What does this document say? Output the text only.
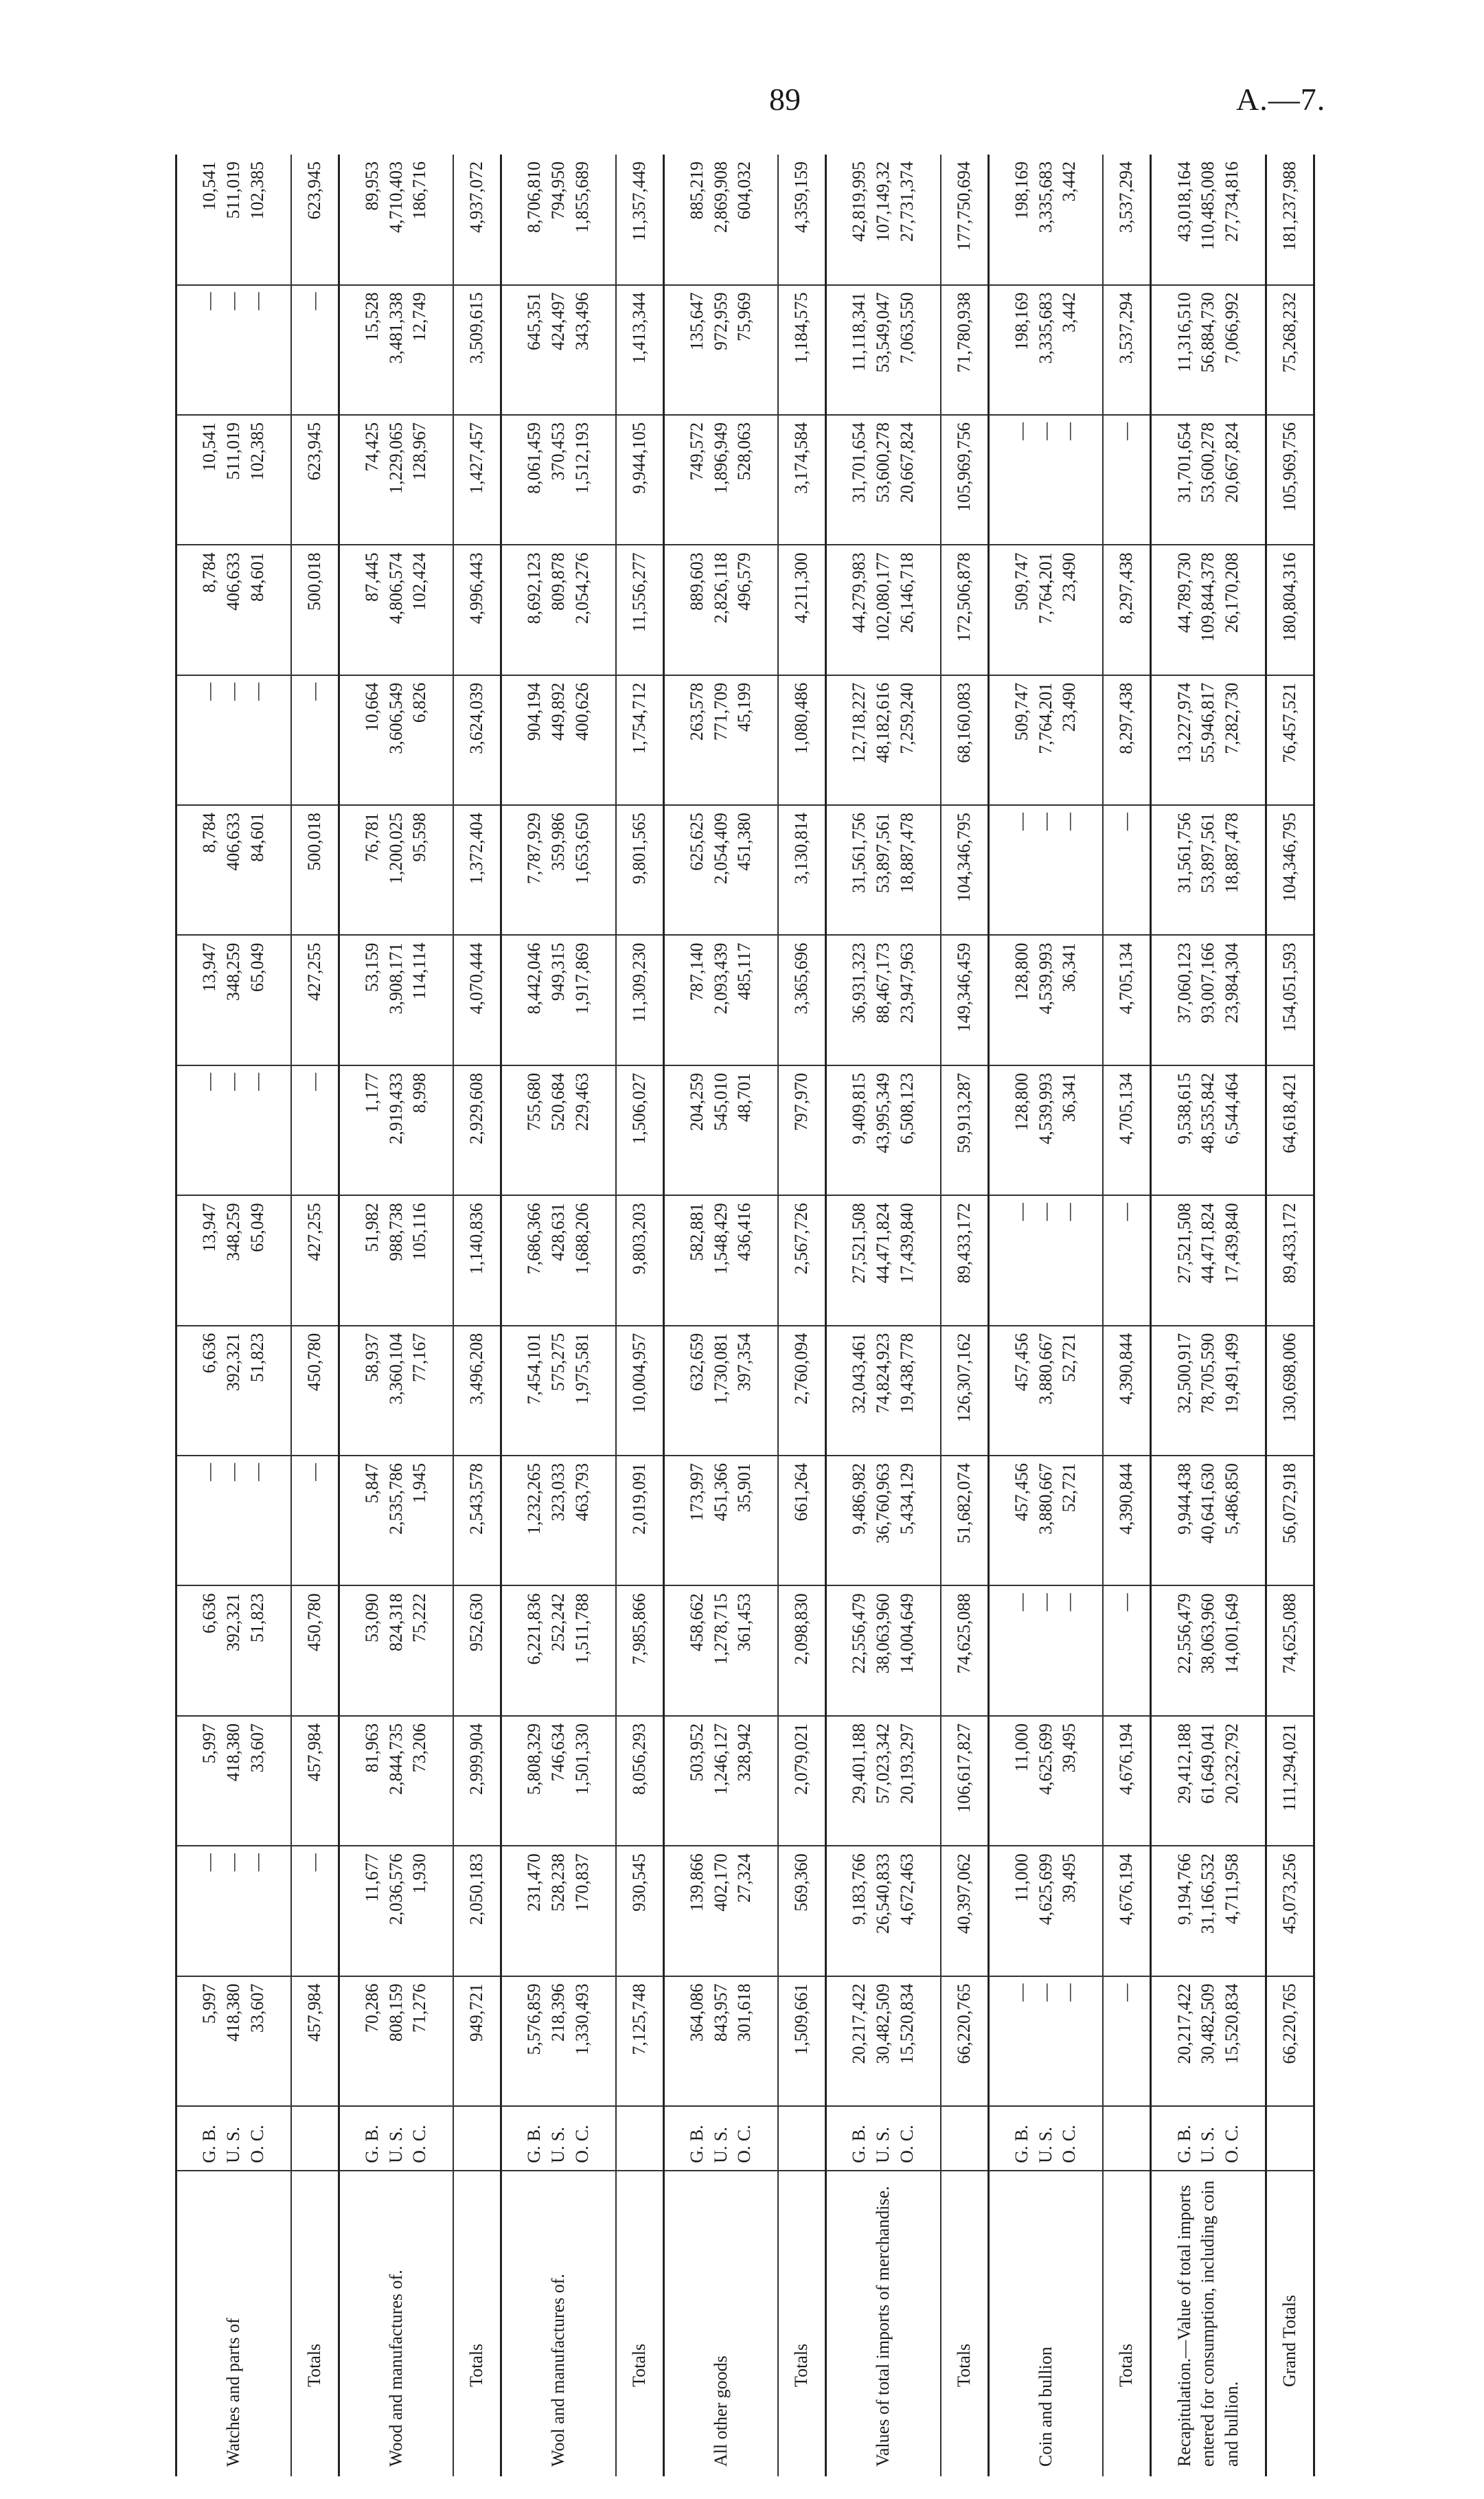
89	A.—7.
Watches and parts of	G. B. U. S. O. C.	5,997 418,380 33,607	— — —	5,997 418,380 33,607	6,636 392,321 51,823	— — —	6,636 392,321 51,823	13,947 348,259 65,049	— — —	13,947 348,259 65,049	8,784 406,633 84,601	— — —	8,784 406,633 84,601	10,541 511,019 102,385	— — —	10,541 511,019 102,385

Totals		457,984	—	457,984	450,780	—	450,780	427,255	—	427,255	500,018	—	500,018	623,945	—	623,945
Wood and manufactures of.	G. B. U. S. O. C.	70,286 808,159 71,276	11,677 2,036,576 1,930	81,963 2,844,735 73,206	53,090 824,318 75,222	5,847 2,535,786 1,945	58,937 3,360,104 77,167	51,982 988,738 105,116	1,177 2,919,433 8,998	53,159 3,908,171 114,114	76,781 1,200,025 95,598	10,664 3,606,549 6,826	87,445 4,806,574 102,424	74,425 1,229,065 128,967	15,528 3,481,338 12,749	89,953 4,710,403 186,716

Totals		949,721	2,050,183	2,999,904	952,630	2,543,578	3,496,208	1,140,836	2,929,608	4,070,444	1,372,404	3,624,039	4,996,443	1,427,457	3,509,615	4,937,072
Wool and manufactures of.	G. B. U. S. O. C.	5,576,859 218,396 1,330,493	231,470 528,238 170,837	5,808,329 746,634 1,501,330	6,221,836 252,242 1,511,788	1,232,265 323,033 463,793	7,454,101 575,275 1,975,581	7,686,366 428,631 1,688,206	755,680 520,684 229,463	8,442,046 949,315 1,917,869	7,787,929 359,986 1,653,650	904,194 449,892 400,626	8,692,123 809,878 2,054,276	8,061,459 370,453 1,512,193	645,351 424,497 343,496	8,706,810 794,950 1,855,689

Totals		7,125,748	930,545	8,056,293	7,985,866	2,019,091	10,004,957	9,803,203	1,506,027	11,309,230	9,801,565	1,754,712	11,556,277	9,944,105	1,413,344	11,357,449
All other goods	G. B. U. S. O. C.	364,086 843,957 301,618	139,866 402,170 27,324	503,952 1,246,127 328,942	458,662 1,278,715 361,453	173,997 451,366 35,901	632,659 1,730,081 397,354	582,881 1,548,429 436,416	204,259 545,010 48,701	787,140 2,093,439 485,117	625,625 2,054,409 451,380	263,578 771,709 45,199	889,603 2,826,118 496,579	749,572 1,896,949 528,063	135,647 972,959 75,969	885,219 2,869,908 604,032

Totals		1,509,661	569,360	2,079,021	2,098,830	661,264	2,760,094	2,567,726	797,970	3,365,696	3,130,814	1,080,486	4,211,300	3,174,584	1,184,575	4,359,159
Values of total imports of merchandise.	G. B. U. S. O. C.	20,217,422 30,482,509 15,520,834	9,183,766 26,540,833 4,672,463	29,401,188 57,023,342 20,193,297	22,556,479 38,063,960 14,004,649	9,486,982 36,760,963 5,434,129	32,043,461 74,824,923 19,438,778	27,521,508 44,471,824 17,439,840	9,409,815 43,995,349 6,508,123	36,931,323 88,467,173 23,947,963	31,561,756 53,897,561 18,887,478	12,718,227 48,182,616 7,259,240	44,279,983 102,080,177 26,146,718	31,701,654 53,600,278 20,667,824	11,118,341 53,549,047 7,063,550	42,819,995 107,149,32 27,731,374

Totals		66,220,765	40,397,062	106,617,827	74,625,088	51,682,074	126,307,162	89,433,172	59,913,287	149,346,459	104,346,795	68,160,083	172,506,878	105,969,756	71,780,938	177,750,694
Coin and bullion	G. B. U. S. O. C.	— — —	11,000 4,625,699 39,495	11,000 4,625,699 39,495	— — —	457,456 3,880,667 52,721	457,456 3,880,667 52,721	— — —	128,800 4,539,993 36,341	128,800 4,539,993 36,341	— — —	509,747 7,764,201 23,490	509,747 7,764,201 23,490	— — —	198,169 3,335,683 3,442	198,169 3,335,683 3,442

Totals		—	4,676,194	4,676,194	—	4,390,844	4,390,844	—	4,705,134	4,705,134	—	8,297,438	8,297,438	—	3,537,294	3,537,294
Recapitulation.—Value of total imports entered for consumption, including coin and bullion.	G. B. U. S. O. C.	20,217,422 30,482,509 15,520,834	9,194,766 31,166,532 4,711,958	29,412,188 61,649,041 20,232,792	22,556,479 38,063,960 14,001,649	9,944,438 40,641,630 5,486,850	32,500,917 78,705,590 19,491,499	27,521,508 44,471,824 17,439,840	9,538,615 48,535,842 6,544,464	37,060,123 93,007,166 23,984,304	31,561,756 53,897,561 18,887,478	13,227,974 55,946,817 7,282,730	44,789,730 109,844,378 26,170,208	31,701,654 53,600,278 20,667,824	11,316,510 56,884,730 7,066,992	43,018,164 110,485,008 27,734,816

Grand Totals		66,220,765	45,073,256	111,294,021	74,625,088	56,072,918	130,698,006	89,433,172	64,618,421	154,051,593	104,346,795	76,457,521	180,804,316	105,969,756	75,268,232	181,237,988
